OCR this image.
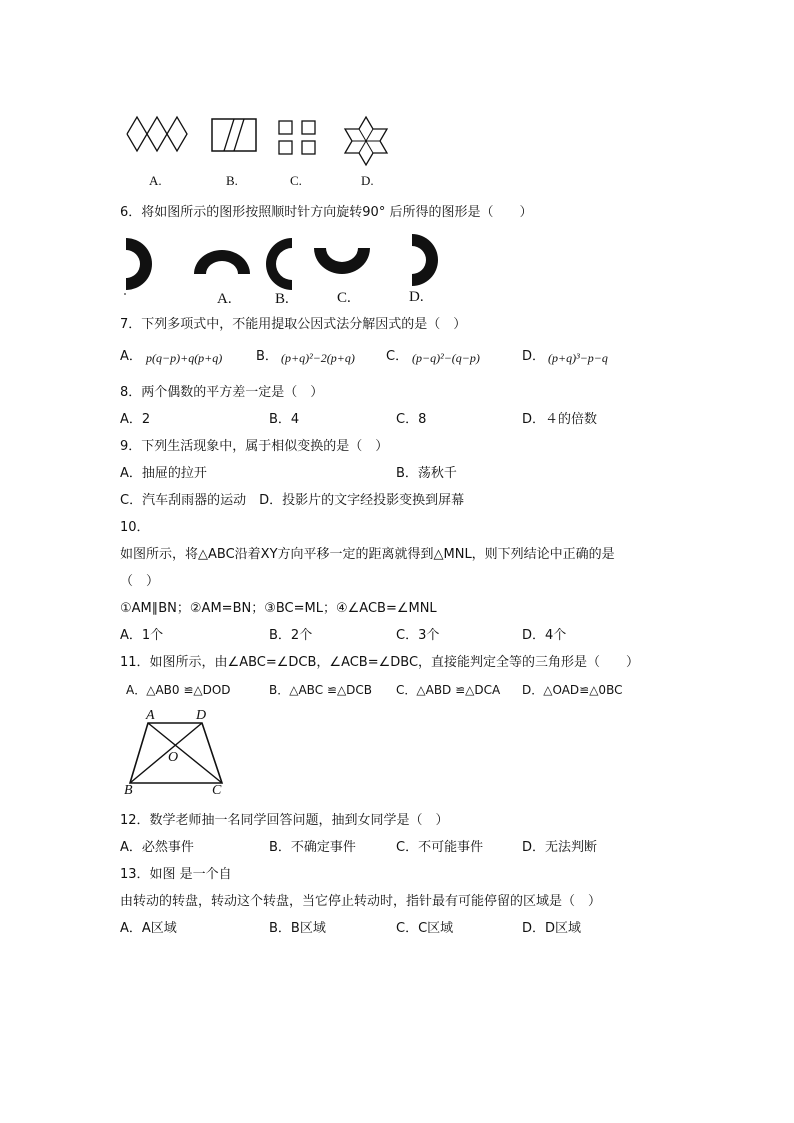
A.	B.	C.	D.
6．将如图所示的图形按照顺时针方向旋转90° 后所得的图形是（　　）
A.	B.	C.	D.
7．下列多项式中，不能用提取公因式法分解因式的是（　）
A． p(q−p)+q(p+q)	B． (p+q)²−2(p+q) C． (p−q)²−(q−p)	D． (p+q)³−p−q
8．两个偶数的平方差一定是（　）
A．2	B．4	C．8	D．４的倍数
9．下列生活现象中，属于相似变换的是（　）
A．抽屉的拉开	B．荡秋千
C．汽车刮雨器的运动　D．投影片的文字经投影变换到屏幕
10．
如图所示，将△ABC沿着XY方向平移一定的距离就得到△MNL，则下列结论中正确的是
（　）
①AM∥BN；②AM=BN；③BC=ML；④∠ACB=∠MNL
A．1个	B．2个	C．3个	D．4个
11．如图所示，由∠ABC=∠DCB，∠ACB=∠DBC，直接能判定全等的三角形是（　　）
A．△AB0 ≌△DOD	B．△ABC ≌△DCB C．△ABD ≌△DCA D．△OAD≌△0BC
A	D
O
B	C
12．数学老师抽一名同学回答问题，抽到女同学是（　）
A．必然事件	B．不确定事件	C．不可能事件	D．无法判断
13．如图 是一个自
由转动的转盘，转动这个转盘，当它停止转动时，指针最有可能停留的区域是（　）
A．A区域	B．B区域	C．C区域	D．D区域
